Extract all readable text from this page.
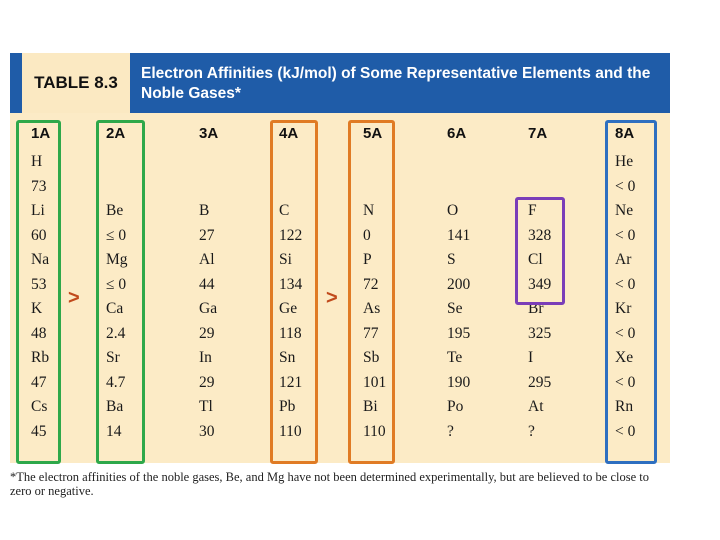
TABLE 8.3	Electron Affinities (kJ/mol) of Some Representative Elements and the Noble Gases*
1A
H
73
Li
60
Na
53
K
48
Rb
47
Cs
45
2A
Be
≤ 0
Mg
≤ 0
Ca
2.4
Sr
4.7
Ba
14
3A
B
27
Al
44
Ga
29
In
29
Tl
30
4A
C
122
Si
134
Ge
118
Sn
121
Pb
110
5A
N
0
P
72
As
77
Sb
101
Bi
110
6A
O
141
S
200
Se
195
Te
190
Po
?
7A
F
328
Cl
349
Br
325
I
295
At
?
8A
He
< 0
Ne
< 0
Ar
< 0
Kr
< 0
Xe
< 0
Rn
< 0
>	>
*The electron affinities of the noble gases, Be, and Mg have not been determined experimentally, but are believed to be close to zero or negative.
